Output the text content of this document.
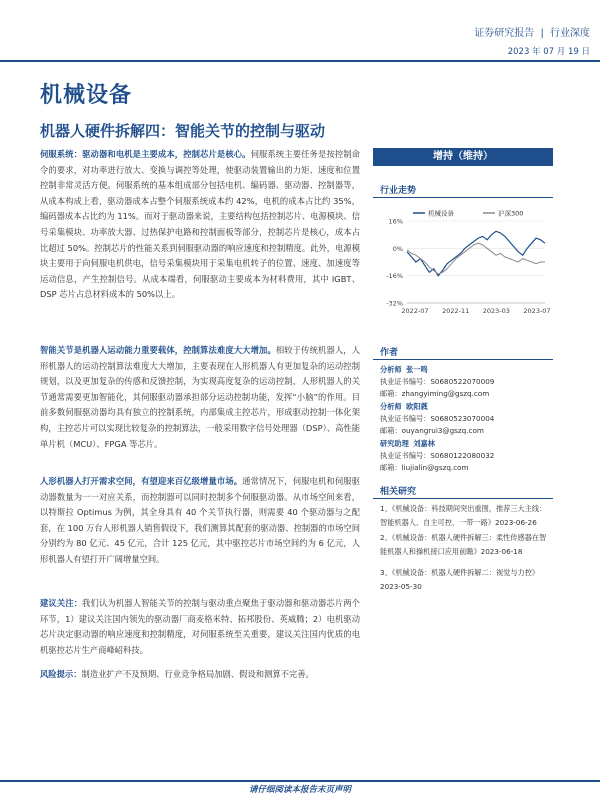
证券研究报告 | 行业深度
2023 年 07 月 19 日
机械设备
机器人硬件拆解四：智能关节的控制与驱动
伺服系统：驱动器和电机是主要成本，控制芯片是核心。伺服系统主要任务是按控制命令的要求，对功率进行放大、变换与调控等处理，使驱动装置输出的力矩、速度和位置控制非常灵活方便。伺服系统的基本组成部分包括电机、编码器、驱动器、控制器等，从成本构成上看，驱动器成本占整个伺服系统成本约 42%，电机的成本占比约 35%，编码器成本占比约为 11%。而对于驱动器来说，主要结构包括控制芯片、电源模块、信号采集模块、功率放大器、过热保护电路和控制面板等部分，控制芯片是核心，成本占比超过 50%。控制芯片的性能关系到伺服驱动器的响应速度和控制精度。此外，电源模块主要用于向伺服电机供电，信号采集模块用于采集电机转子的位置、速度、加速度等运动信息，产生控制信号。从成本端看，伺服驱动主要成本为材料费用，其中 IGBT、DSP 芯片占总材料成本的 50%以上。
智能关节是机器人运动能力重要载体，控制算法难度大大增加。相较于传统机器人，人形机器人的运动控制算法难度大大增加，主要表现在人形机器人有更加复杂的运动控制规划，以及更加复杂的传感和反馈控制，为实现高度复杂的运动控制，人形机器人的关节通常需要更加智能化，其伺服驱动器承担部分运动控制功能，发挥“小脑”的作用。目前多数伺服驱动器均具有独立的控制系统，内部集成主控芯片，形成驱动控制一体化架构，主控芯片可以实现比较复杂的控制算法，一般采用数字信号处理器（DSP）、高性能单片机（MCU）、FPGA 等芯片。
人形机器人打开需求空间，有望迎来百亿级增量市场。通常情况下，伺服电机和伺服驱动器数量为一一对应关系，而控制器可以同时控制多个伺服驱动器。从市场空间来看，以特斯拉 Optimus 为例，其全身具有 40 个关节执行器，则需要 40 个驱动器与之配套，在 100 万台人形机器人销售假设下，我们测算其配套的驱动器、控制器的市场空间分别约为 80 亿元、45 亿元，合计 125 亿元，其中驱控芯片市场空间约为 6 亿元，人形机器人有望打开广阔增量空间。
建议关注：我们认为机器人智能关节的控制与驱动重点聚焦于驱动器和驱动器芯片两个环节，1）建议关注国内领先的驱动器厂商麦格米特、拓邦股份、英威腾；2）电机驱动芯片决定驱动器的响应速度和控制精度，对伺服系统至关重要，建议关注国内优质的电机驱控芯片生产商峰岹科技。
风险提示：制造业扩产不及预期、行业竞争格局加剧、假设和测算不完善。
增持（维持）
行业走势
16%
0%
-16%
-32%
2022-07 2022-11 2023-03 2023-07
机械设备	沪深300
作者
分析师 张一鸣
执业证书编号：S0680522070009
邮箱：zhangyiming@gszq.com
分析师 欧阳蕤
执业证书编号：S0680523070004
邮箱：ouyangrui3@gszq.com
研究助理 刘嘉林
执业证书编号：S0680122080032
邮箱：liujialin@gszq.com
相关研究
1、《机械设备：科技期间突出重围，推荐三大主线：智能机器人、自主可控、一带一路》2023-06-26
2、《机械设备：机器人硬件拆解三：柔性传感器在智能机器人和操机接口应用前瞻》2023-06-18
3、《机械设备：机器人硬件拆解二：视觉与力控》2023-05-30
请仔细阅读本报告末页声明
